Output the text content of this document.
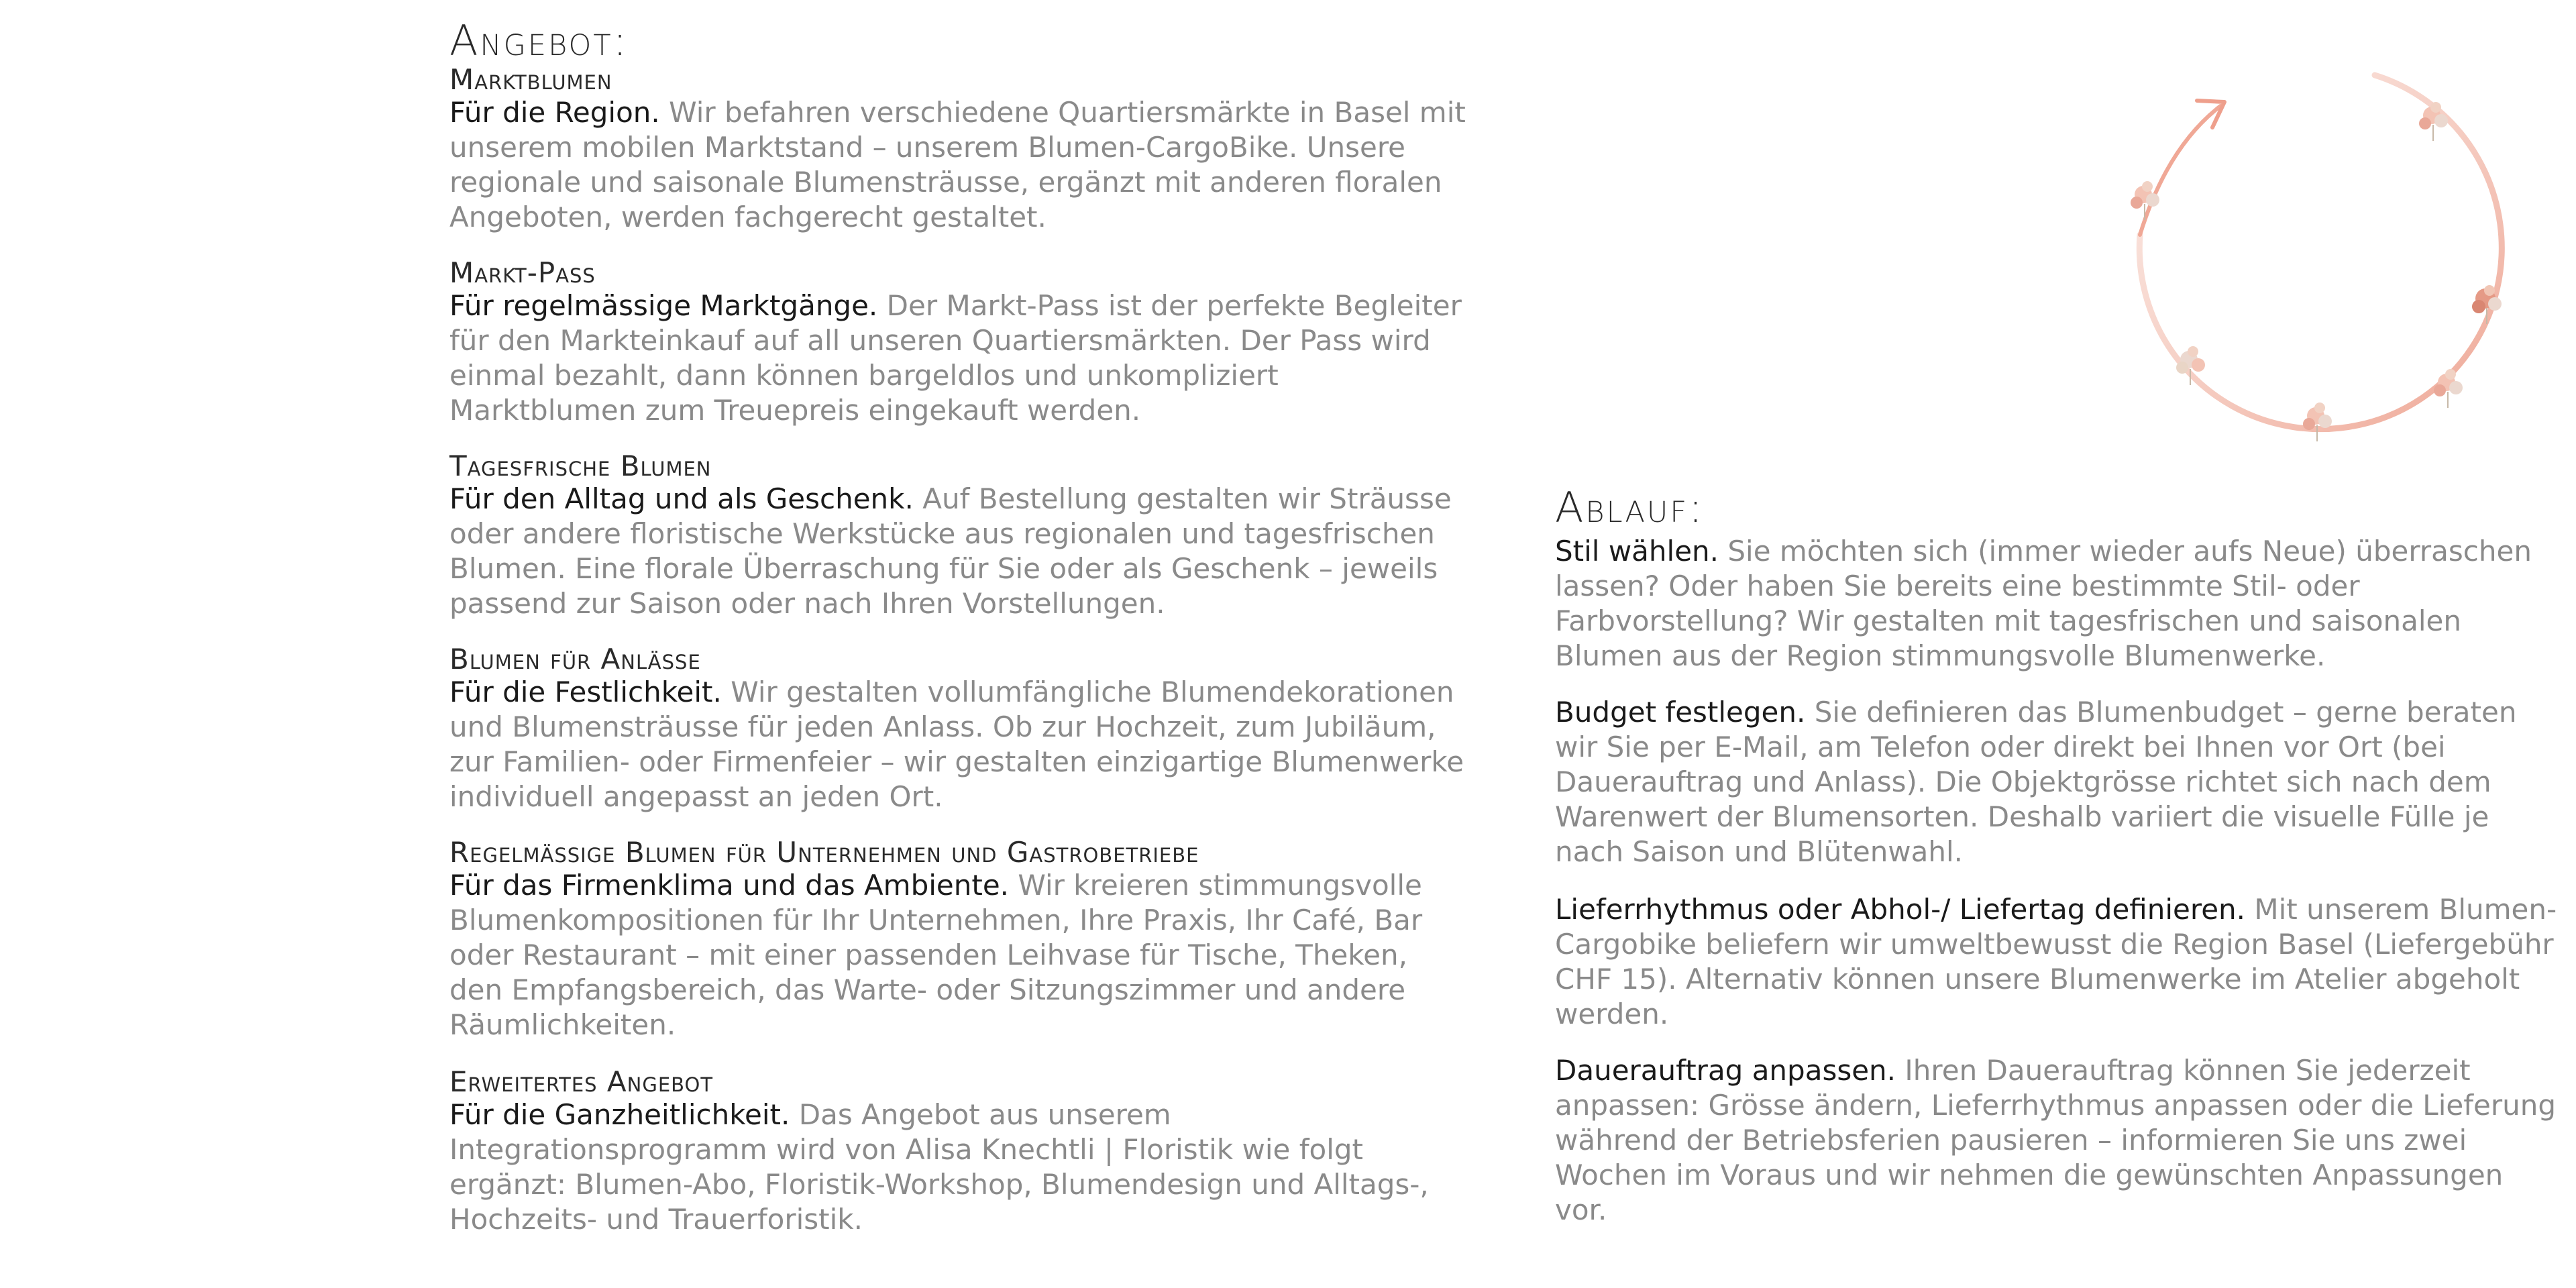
Angebot:
Marktblumen

Für die Region. Wir befahren verschiedene Quartiersmärkte in Basel mit unserem mobilen Marktstand – unserem Blumen-CargoBike. Unsere regionale und saisonale Blumensträusse, ergänzt mit anderen floralen Angeboten, werden fachgerecht gestaltet.

Markt-Pass

Für regelmässige Marktgänge. Der Markt-Pass ist der perfekte Begleiter für den Markteinkauf auf all unseren Quartiersmärkten. Der Pass wird einmal bezahlt, dann können bargeldlos und unkompliziert Marktblumen zum Treuepreis eingekauft werden.

Tagesfrische Blumen

Für den Alltag und als Geschenk. Auf Bestellung gestalten wir Sträusse oder andere floristische Werkstücke aus regionalen und tagesfrischen Blumen. Eine florale Überraschung für Sie oder als Geschenk – jeweils passend zur Saison oder nach Ihren Vorstellungen.

Blumen für Anlässe

Für die Festlichkeit. Wir gestalten vollumfängliche Blumendekorationen und Blumensträusse für jeden Anlass. Ob zur Hochzeit, zum Jubiläum, zur Familien- oder Firmenfeier – wir gestalten einzigartige Blumenwerke individuell angepasst an jeden Ort.

Regelmässige Blumen für Unternehmen und Gastrobetriebe

Für das Firmenklima und das Ambiente. Wir kreieren stimmungsvolle Blumenkompositionen für Ihr Unternehmen, Ihre Praxis, Ihr Café, Bar oder Restaurant – mit einer passenden Leihvase für Tische, Theken, den Empfangsbereich, das Warte- oder Sitzungszimmer und andere Räumlichkeiten.

Erweitertes Angebot

Für die Ganzheitlichkeit. Das Angebot aus unserem Integrationsprogramm wird von Alisa Knechtli | Floristik wie folgt ergänzt: Blumen-Abo, Floristik-Workshop, Blumendesign und Alltags-, Hochzeits- und Trauerforistik.

Ablauf:

Stil wählen. Sie möchten sich (immer wieder aufs Neue) überraschen lassen? Oder haben Sie bereits eine bestimmte Stil- oder Farbvorstellung? Wir gestalten mit tagesfrischen und saisonalen Blumen aus der Region stimmungsvolle Blumenwerke.

Budget festlegen. Sie definieren das Blumenbudget – gerne beraten wir Sie per E-Mail, am Telefon oder direkt bei Ihnen vor Ort (bei Dauerauftrag und Anlass). Die Objektgrösse richtet sich nach dem Warenwert der Blumensorten. Deshalb variiert die visuelle Fülle je nach Saison und Blütenwahl.

Lieferrhythmus oder Abhol-/ Liefertag definieren. Mit unserem Blumen-Cargobike beliefern wir umweltbewusst die Region Basel (Liefergebühr CHF 15). Alternativ können unsere Blumenwerke im Atelier abgeholt werden.

Dauerauftrag anpassen. Ihren Dauerauftrag können Sie jederzeit anpassen: Grösse ändern, Lieferrhythmus anpassen oder die Lieferung während der Betriebsferien pausieren – informieren Sie uns zwei Wochen im Voraus und wir nehmen die gewünschten Anpassungen vor.
